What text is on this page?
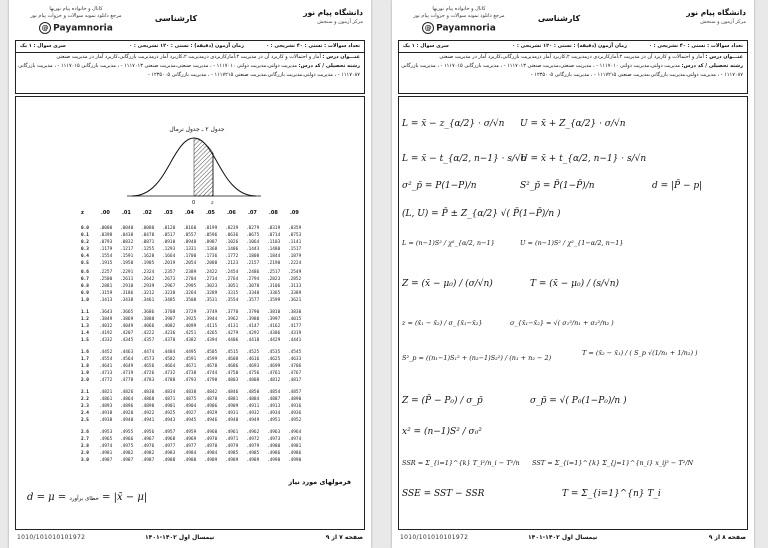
کانال و خانواده پیام نوریها
مرجع دانلود نمونه سوالات و جزوات پیام نور
@ Payamnoria
کارشناسی
دانشگاه پیام نور
مرکز آزمون و سنجش
تعداد سوالات : تستی : ۴۰ تشریحی : ۰
زمان آزمون (دقیقه) : تستی : ۱۲۰ تشریحی : ۰
سری سوال : ۱ یک
عنـــوان درس : آمار و احتمالات و کاربرد آن در مدیریت ۲،آمارکاربردی درمدیریت ۲،کاربرد آمار درمدیریت بازرگانی،کاربرد آمار در مدیریت صنعتی
رشته تحصیلی / کد درس: مدیریت دولتی،مدیریت دولتی ۱۱۱۷۰۱۰ - ، مدیریت صنعتی،مدیریت صنعتی ۱۱۱۷۰۱۳ - ، مدیریت بازرگانی ۱۱۱۷۰۱۵ - ، مدیریت بازرگانی
۱۱۱۷۰۸۷ - ، مدیریت دولتی،مدیریت بازرگانی،مدیریت صنعتی ۱۱۱۷۲۱۵ - ، مدیریت بازرگانی ۱۲۳۵۰۰۵ -
جدول ۲ ـ جدول نرمال
0	z
z	.00 .01 .02 .03 .04 .05 .06 .07 .08 .09
0.0 .0000 .0040 .0080 .0120 .0160 .0199 .0239 .0279 .0319 .0359
0.1 .0398 .0438 .0478 .0517 .0557 .0596 .0636 .0675 .0714 .0753
0.2 .0793 .0832 .0871 .0910 .0948 .0987 .1026 .1064 .1103 .1141
0.3 .1179 .1217 .1255 .1293 .1331 .1368 .1406 .1443 .1480 .1517
0.4 .1554 .1591 .1628 .1664 .1700 .1736 .1772 .1808 .1844 .1879
0.5 .1915 .1950 .1985 .2019 .2054 .2088 .2123 .2157 .2190 .2224
0.6 .2257 .2291 .2324 .2357 .2389 .2422 .2454 .2486 .2517 .2549
0.7 .2580 .2611 .2642 .2673 .2704 .2734 .2764 .2794 .2823 .2852
0.8 .2881 .2910 .2939 .2967 .2995 .3023 .3051 .3078 .3106 .3133
0.9 .3159 .3186 .3212 .3238 .3264 .3289 .3315 .3340 .3365 .3389
1.0 .3413 .3438 .3461 .3485 .3508 .3531 .3554 .3577 .3599 .3621
1.1 .3643 .3665 .3686 .3708 .3729 .3749 .3770 .3790 .3810 .3830
1.2 .3849 .3869 .3888 .3907 .3925 .3944 .3962 .3980 .3997 .4015
1.3 .4032 .4049 .4066 .4082 .4099 .4115 .4131 .4147 .4162 .4177
1.4 .4192 .4207 .4222 .4236 .4251 .4265 .4279 .4292 .4306 .4319
1.5 .4332 .4345 .4357 .4370 .4382 .4394 .4406 .4418 .4429 .4441
1.6 .4452 .4463 .4474 .4484 .4495 .4505 .4515 .4525 .4535 .4545
1.7 .4554 .4564 .4573 .4582 .4591 .4599 .4608 .4616 .4625 .4633
1.8 .4641 .4649 .4656 .4664 .4671 .4678 .4686 .4693 .4699 .4706
1.9 .4713 .4719 .4726 .4732 .4738 .4744 .4750 .4756 .4761 .4767
2.0 .4772 .4778 .4783 .4788 .4793 .4798 .4803 .4808 .4812 .4817
2.1 .4821 .4826 .4830 .4834 .4838 .4842 .4846 .4850 .4854 .4857
2.2 .4861 .4864 .4868 .4871 .4875 .4878 .4881 .4884 .4887 .4890
2.3 .4893 .4896 .4898 .4901 .4904 .4906 .4909 .4911 .4913 .4916
2.4 .4918 .4920 .4922 .4925 .4927 .4929 .4931 .4932 .4934 .4936
2.5 .4938 .4940 .4941 .4943 .4945 .4946 .4948 .4949 .4951 .4952
2.6 .4953 .4955 .4956 .4957 .4959 .4960 .4961 .4962 .4963 .4964
2.7 .4965 .4966 .4967 .4968 .4969 .4970 .4971 .4972 .4973 .4974
2.8 .4974 .4975 .4976 .4977 .4977 .4978 .4979 .4979 .4980 .4981
2.9 .4981 .4982 .4982 .4983 .4984 .4984 .4985 .4985 .4986 .4986
3.0 .4987 .4987 .4987 .4988 .4988 .4989 .4989 .4989 .4990 .4990
فرمولهای مورد نیاز
d = μ = خطای برآورد = |x̄ − μ|
صفحه ۷ از ۹
نیمسال اول ۱۴۰۲-۱۴۰۱
1010/101010101972
کانال و خانواده پیام نوریها
مرجع دانلود نمونه سوالات و جزوات پیام نور
@ Payamnoria
کارشناسی
دانشگاه پیام نور
مرکز آزمون و سنجش
تعداد سوالات : تستی : ۴۰ تشریحی : ۰
زمان آزمون (دقیقه) : تستی : ۱۲۰ تشریحی : ۰
سری سوال : ۱ یک
عنـــوان درس : آمار و احتمالات و کاربرد آن در مدیریت ۲،آمارکاربردی درمدیریت ۲،کاربرد آمار درمدیریت بازرگانی،کاربرد آمار در مدیریت صنعتی
رشته تحصیلی / کد درس: مدیریت دولتی،مدیریت دولتی ۱۱۱۷۰۱۰ - ، مدیریت صنعتی،مدیریت صنعتی ۱۱۱۷۰۱۳ - ، مدیریت بازرگانی ۱۱۱۷۰۱۵ - ، مدیریت بازرگانی
۱۱۱۷۰۸۷ - ، مدیریت دولتی،مدیریت بازرگانی،مدیریت صنعتی ۱۱۱۷۲۱۵ - ، مدیریت بازرگانی ۱۲۳۵۰۰۵ -
L = x̄ − z_{α/2} · σ/√n U = x̄ + Z_{α/2} · σ/√n
L = x̄ − t_{α/2, n−1} · s/√n
U = x̄ + t_{α/2, n−1} · s/√n
σ²_p̄ = P(1−P)/n	S²_p̄ = P̄(1−P̄)/n	d = |P̄ − p|
(L, U) = P̄ ± Z_{α/2} √( P̄(1−P̄)/n )
L = (n−1)S² / χ²_{α/2, n−1}	U = (n−1)S² / χ²_{1−α/2, n−1}
Z = (x̄ − μ₀) / (σ/√n)	T = (x̄ − μ₀) / (s/√n)
z = (x̄₁ − x̄₂) / σ_{x̄₁−x̄₂}	σ_{x̄₁−x̄₂} = √( σ₁²/n₁ + σ₂²/n₂ )
S²_p = ((n₁−1)S₁² + (n₂−1)S₂²) / (n₁ + n₂ − 2)
T = (x̄₂ − x̄₁) / ( S_p √(1/n₁ + 1/n₂) )
Z = (P̄ − P₀) / σ_p̄	σ_p̄ = √( P₀(1−P₀)/n )
x² = (n−1)S² / σ₀²
SSR = Σ_{i=1}^{k} T_i²/n_i − T²/n SST = Σ_{i=1}^{k} Σ_{j=1}^{n_i} x_ij² − T²/N
SSE = SST − SSR	T = Σ_{i=1}^{n} T_i
صفحه ۸ از ۹
نیمسال اول ۱۴۰۲-۱۴۰۱
1010/101010101972
